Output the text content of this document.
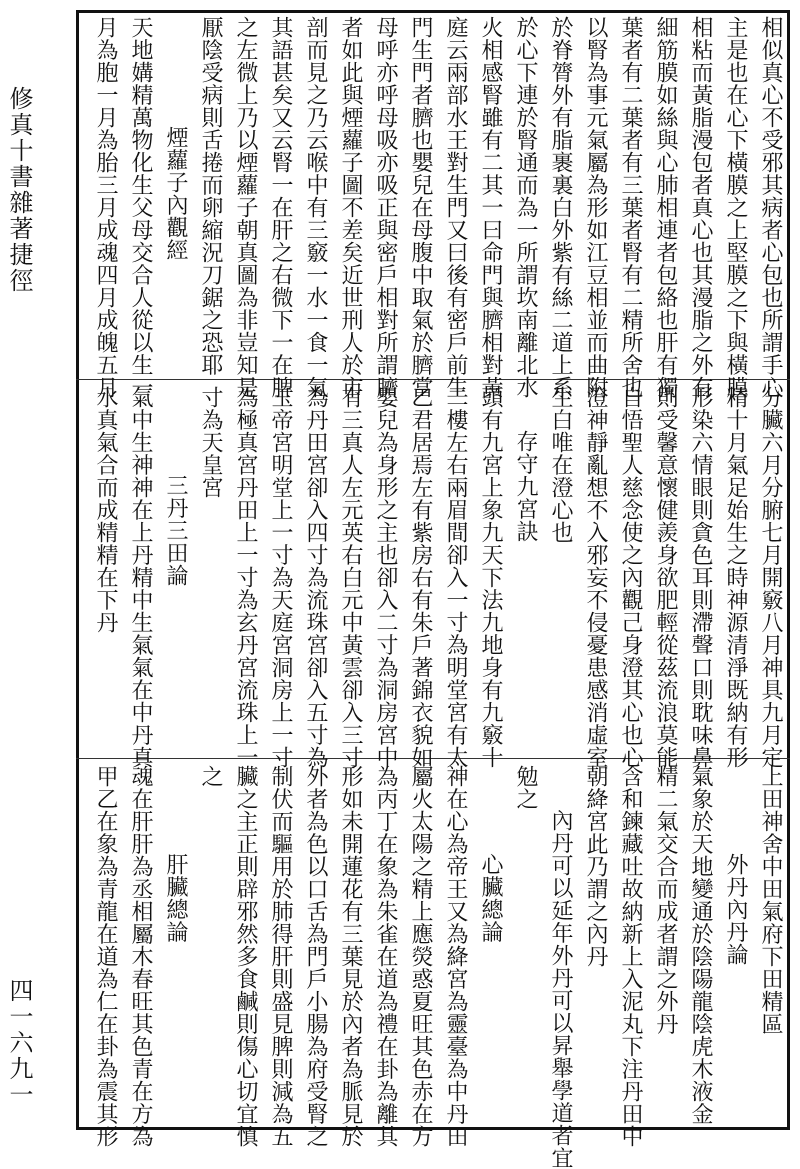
修真十書雜著捷徑
四一六九一
相似真心不受邪其病者心包也所謂手心
主是也在心下橫膜之上堅膜之下與橫膜
相粘而黃脂漫包者真心也其漫脂之外有
細筋膜如絲與心肺相連者包絡也肝有獨
葉者有二葉者有三葉者腎有二精所舍也
以腎為事元氣屬為形如江豆相並而曲附
於脊膂外有脂裹裏白外紫有絲二道上系
於心下連於腎通而為一所謂坎南離北水
火相感腎雖有二其一曰命門與臍相對黃
庭云兩部水王對生門又曰後有密戶前生
門生門者臍也嬰兒在母腹中取氣於臍當
母呼亦呼母吸亦吸正與密戶相對所謂臍
者如此與煙蘿子圖不差矣近世刑人於市
剖而見之乃云喉中有三竅一水一食一氣
其語甚矣又云腎一在肝之右微下一在脾
之左微上乃以煙蘿子朝真圖為非豈知是
厭陰受病則舌捲而卵縮況刀鋸之恐耶
煙蘿子內觀經
天地媾精萬物化生父母交合人從以生一
月為胞一月為胎三月成魂四月成魄五月
分臟六月分腑七月開竅八月神具九月定
精十月氣足始生之時神源清淨既納有形
形染六情眼則貪色耳則滯聲口則耽味鼻
則受馨意懷健羨身欲肥輕從茲流浪莫能
自悟聖人慈念使之內觀己身澄其心也心
澄神靜亂想不入邪妄不侵憂患感消虛室
生白唯在澄心也
存守九宮訣
頭有九宮上象九天下法九地身有九竅十
二樓左右兩眉間卻入一寸為明堂宮有太
乙君居焉左有紫房右有朱戶著錦衣貌如
嬰兒為身形之主也卻入二寸為洞房宮中
有三真人左元英右白元中黃雲卻入三寸
為丹田宮卻入四寸為流珠宮卻入五寸為
玉帝宮明堂上一寸為天庭宮洞房上一寸
為極真宮丹田上一寸為玄丹宮流珠上一
寸為天皇宮
三丹三田論
氣中生神神在上丹精中生氣氣在中丹真
水真氣合而成精精在下丹
上田神舍中田氣府下田精區
外丹內丹論
氣象於天地變通於陰陽龍陰虎木液金
精二氣交合而成者謂之外丹
含和鍊藏吐故納新上入泥丸下注丹田中
朝絳宮此乃謂之內丹
內丹可以延年外丹可以昇舉學道者宜
勉之
心臟總論
神在心為帝王又為絳宮為靈臺為中丹田
屬火太陽之精上應熒惑夏旺其色赤在方
為丙丁在象為朱雀在道為禮在卦為離其
形如未開蓮花有三葉見於內者為脈見於
外者為色以口舌為門戶小腸為府受腎之
制伏而驅用於肺得肝則盛見脾則減為五
臟之主正則辟邪然多食鹹則傷心切宜慎
之
肝臟總論
魂在肝肝為丞相屬木春旺其色青在方為
甲乙在象為青龍在道為仁在卦為震其形
